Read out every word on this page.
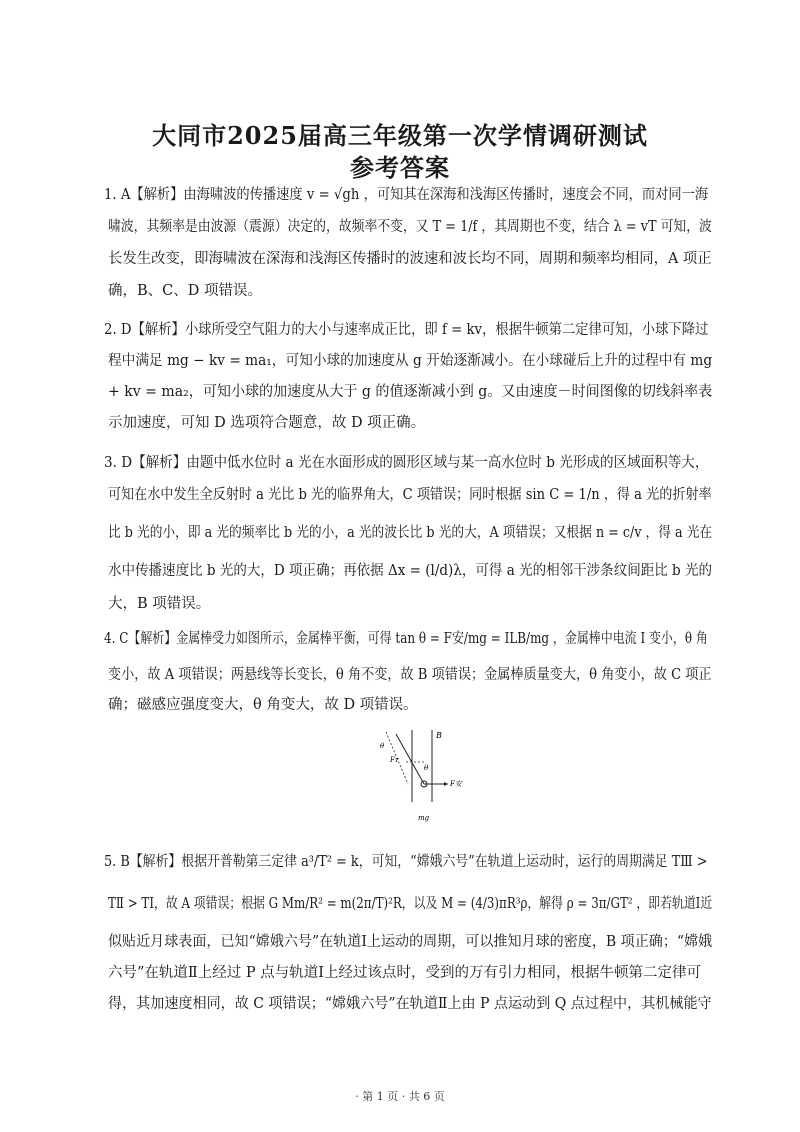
大同市2025届高三年级第一次学情调研测试
参考答案
1. A【解析】由海啸波的传播速度 v = √gh ，可知其在深海和浅海区传播时，速度会不同，而对同一海
啸波，其频率是由波源（震源）决定的，故频率不变，又 T = 1/f ，其周期也不变，结合 λ = vT 可知，波
长发生改变，即海啸波在深海和浅海区传播时的波速和波长均不同，周期和频率均相同，A 项正
确，B、C、D 项错误。
2. D【解析】小球所受空气阻力的大小与速率成正比，即 f = kv，根据牛顿第二定律可知，小球下降过
程中满足 mg − kv = ma₁，可知小球的加速度从 g 开始逐渐减小。在小球碰后上升的过程中有 mg
+ kv = ma₂，可知小球的加速度从大于 g 的值逐渐减小到 g。又由速度－时间图像的切线斜率表
示加速度，可知 D 选项符合题意，故 D 项正确。
3. D【解析】由题中低水位时 a 光在水面形成的圆形区域与某一高水位时 b 光形成的区域面积等大，
可知在水中发生全反射时 a 光比 b 光的临界角大，C 项错误；同时根据 sin C = 1/n ，得 a 光的折射率
比 b 光的小，即 a 光的频率比 b 光的小，a 光的波长比 b 光的大，A 项错误；又根据 n = c/v ，得 a 光在
水中传播速度比 b 光的大，D 项正确；再依据 Δx = (l/d)λ，可得 a 光的相邻干涉条纹间距比 b 光的
大，B 项错误。
4. C【解析】金属棒受力如图所示，金属棒平衡，可得 tan θ = F安/mg = ILB/mg ，金属棒中电流 I 变小，θ 角
变小，故 A 项错误；两悬线等长变长，θ 角不变，故 B 项错误；金属棒质量变大，θ 角变小，故 C 项正
确；磁感应强度变大，θ 角变大，故 D 项错误。
B
θ
θ
Fᴛ
F安
mg
5. B【解析】根据开普勒第三定律 a³/T² = k，可知，“嫦娥六号”在轨道上运动时，运行的周期满足 TⅢ >
TⅡ > TⅠ，故 A 项错误；根据 G Mm/R² = m(2π/T)²R，以及 M = (4/3)πR³ρ，解得 ρ = 3π/GT² ，即若轨道Ⅰ近
似贴近月球表面，已知“嫦娥六号”在轨道Ⅰ上运动的周期，可以推知月球的密度，B 项正确；“嫦娥
六号”在轨道Ⅱ上经过 P 点与轨道Ⅰ上经过该点时，受到的万有引力相同，根据牛顿第二定律可
得，其加速度相同，故 C 项错误；“嫦娥六号”在轨道Ⅱ上由 P 点运动到 Q 点过程中，其机械能守
· 第 1 页 · 共 6 页
